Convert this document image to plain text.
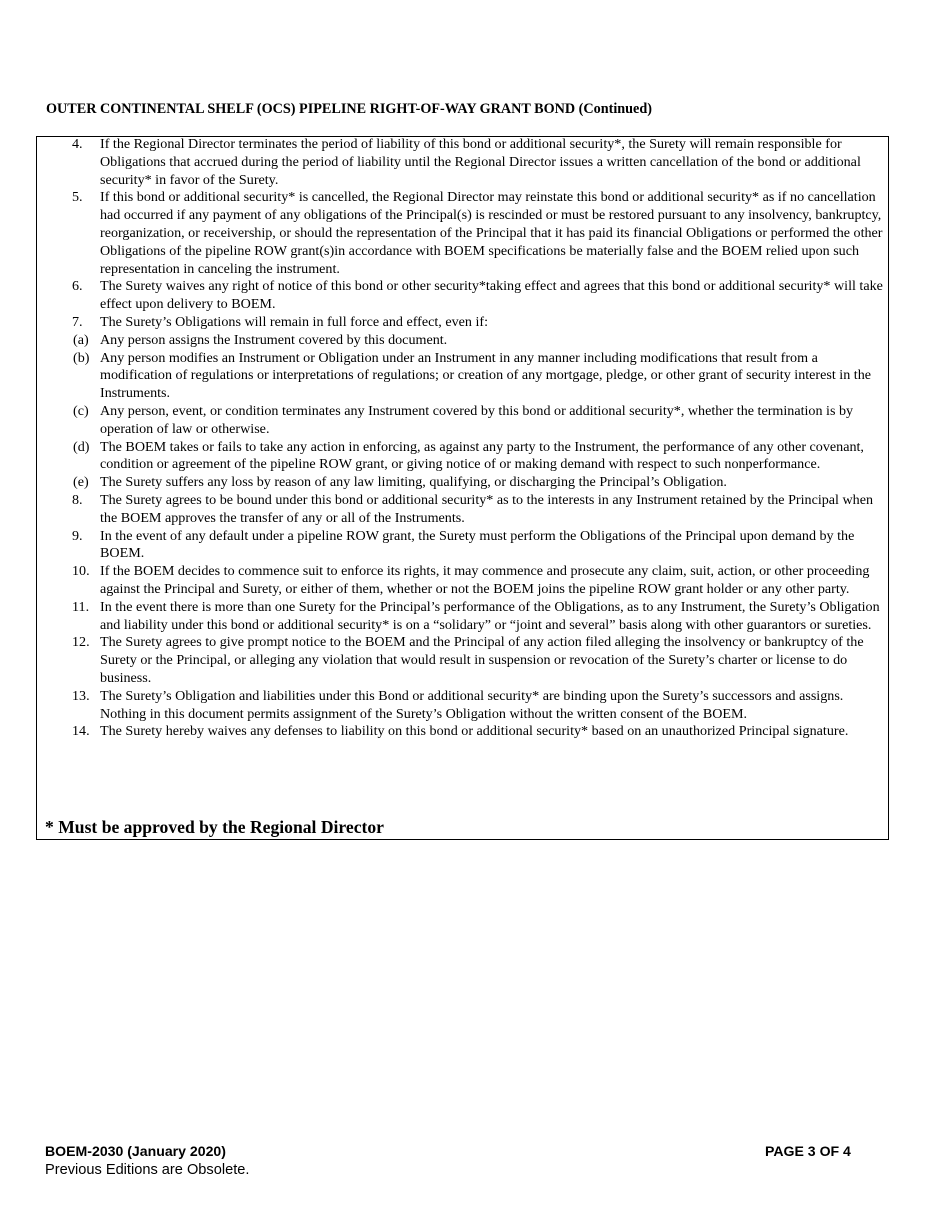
OUTER CONTINENTAL SHELF (OCS) PIPELINE RIGHT-OF-WAY GRANT BOND (Continued)
4. If the Regional Director terminates the period of liability of this bond or additional security*, the Surety will remain responsible for Obligations that accrued during the period of liability until the Regional Director issues a written cancellation of the bond or additional security* in favor of the Surety.
5. If this bond or additional security* is cancelled, the Regional Director may reinstate this bond or additional security* as if no cancellation had occurred if any payment of any obligations of the Principal(s) is rescinded or must be restored pursuant to any insolvency, bankruptcy, reorganization, or receivership, or should the representation of the Principal that it has paid its financial Obligations or performed the other Obligations of the pipeline ROW grant(s)in accordance with BOEM specifications be materially false and the BOEM relied upon such representation in canceling the instrument.
6. The Surety waives any right of notice of this bond or other security*taking effect and agrees that this bond or additional security* will take effect upon delivery to BOEM.
7. The Surety’s Obligations will remain in full force and effect, even if:
(a) Any person assigns the Instrument covered by this document.
(b) Any person modifies an Instrument or Obligation under an Instrument in any manner including modifications that result from a modification of regulations or interpretations of regulations; or creation of any mortgage, pledge, or other grant of security interest in the Instruments.
(c) Any person, event, or condition terminates any Instrument covered by this bond or additional security*, whether the termination is by operation of law or otherwise.
(d) The BOEM takes or fails to take any action in enforcing, as against any party to the Instrument, the performance of any other covenant, condition or agreement of the pipeline ROW grant, or giving notice of or making demand with respect to such nonperformance.
(e) The Surety suffers any loss by reason of any law limiting, qualifying, or discharging the Principal’s Obligation.
8. The Surety agrees to be bound under this bond or additional security* as to the interests in any Instrument retained by the Principal when the BOEM approves the transfer of any or all of the Instruments.
9. In the event of any default under a pipeline ROW grant, the Surety must perform the Obligations of the Principal upon demand by the BOEM.
10. If the BOEM decides to commence suit to enforce its rights, it may commence and prosecute any claim, suit, action, or other proceeding against the Principal and Surety, or either of them, whether or not the BOEM joins the pipeline ROW grant holder or any other party.
11. In the event there is more than one Surety for the Principal’s performance of the Obligations, as to any Instrument, the Surety’s Obligation and liability under this bond or additional security* is on a “solidary” or “joint and several” basis along with other guarantors or sureties.
12. The Surety agrees to give prompt notice to the BOEM and the Principal of any action filed alleging the insolvency or bankruptcy of the Surety or the Principal, or alleging any violation that would result in suspension or revocation of the Surety’s charter or license to do business.
13. The Surety’s Obligation and liabilities under this Bond or additional security* are binding upon the Surety’s successors and assigns. Nothing in this document permits assignment of the Surety’s Obligation without the written consent of the BOEM.
14. The Surety hereby waives any defenses to liability on this bond or additional security* based on an unauthorized Principal signature.
* Must be approved by the Regional Director
BOEM-2030 (January 2020)
Previous Editions are Obsolete.
PAGE 3 OF 4
